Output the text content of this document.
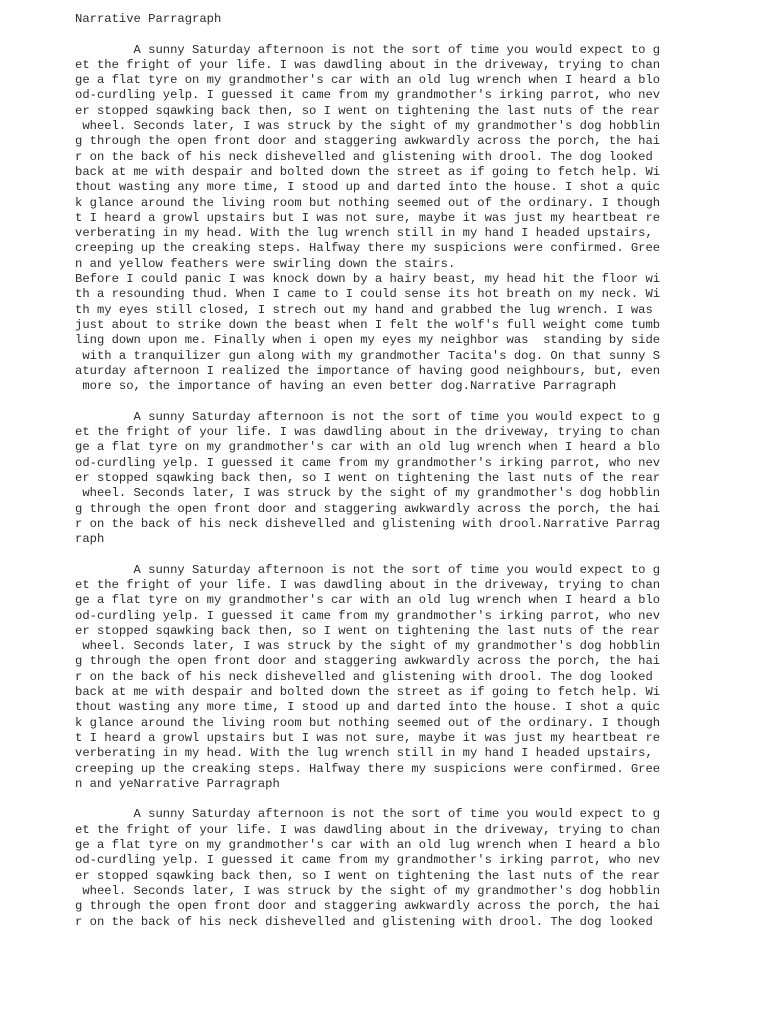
Narrative Parragraph
A sunny Saturday afternoon is not the sort of time you would expect to g
et the fright of your life. I was dawdling about in the driveway, trying to chan
ge a flat tyre on my grandmother's car with an old lug wrench when I heard a blo
od-curdling yelp. I guessed it came from my grandmother's irking parrot, who nev
er stopped sqawking back then, so I went on tightening the last nuts of the rear
wheel. Seconds later, I was struck by the sight of my grandmother's dog hobblin
g through the open front door and staggering awkwardly across the porch, the hai
r on the back of his neck dishevelled and glistening with drool. The dog looked
back at me with despair and bolted down the street as if going to fetch help. Wi
thout wasting any more time, I stood up and darted into the house. I shot a quic
k glance around the living room but nothing seemed out of the ordinary. I though
t I heard a growl upstairs but I was not sure, maybe it was just my heartbeat re
verberating in my head. With the lug wrench still in my hand I headed upstairs,
creeping up the creaking steps. Halfway there my suspicions were confirmed. Gree
n and yellow feathers were swirling down the stairs.
Before I could panic I was knock down by a hairy beast, my head hit the floor wi
th a resounding thud. When I came to I could sense its hot breath on my neck. Wi
th my eyes still closed, I strech out my hand and grabbed the lug wrench. I was
just about to strike down the beast when I felt the wolf's full weight come tumb
ling down upon me. Finally when i open my eyes my neighbor was  standing by side
with a tranquilizer gun along with my grandmother Tacita's dog. On that sunny S
aturday afternoon I realized the importance of having good neighbours, but, even
more so, the importance of having an even better dog.Narrative Parragraph
A sunny Saturday afternoon is not the sort of time you would expect to g
et the fright of your life. I was dawdling about in the driveway, trying to chan
ge a flat tyre on my grandmother's car with an old lug wrench when I heard a blo
od-curdling yelp. I guessed it came from my grandmother's irking parrot, who nev
er stopped sqawking back then, so I went on tightening the last nuts of the rear
wheel. Seconds later, I was struck by the sight of my grandmother's dog hobblin
g through the open front door and staggering awkwardly across the porch, the hai
r on the back of his neck dishevelled and glistening with drool.Narrative Parrag
raph
A sunny Saturday afternoon is not the sort of time you would expect to g
et the fright of your life. I was dawdling about in the driveway, trying to chan
ge a flat tyre on my grandmother's car with an old lug wrench when I heard a blo
od-curdling yelp. I guessed it came from my grandmother's irking parrot, who nev
er stopped sqawking back then, so I went on tightening the last nuts of the rear
wheel. Seconds later, I was struck by the sight of my grandmother's dog hobblin
g through the open front door and staggering awkwardly across the porch, the hai
r on the back of his neck dishevelled and glistening with drool. The dog looked
back at me with despair and bolted down the street as if going to fetch help. Wi
thout wasting any more time, I stood up and darted into the house. I shot a quic
k glance around the living room but nothing seemed out of the ordinary. I though
t I heard a growl upstairs but I was not sure, maybe it was just my heartbeat re
verberating in my head. With the lug wrench still in my hand I headed upstairs,
creeping up the creaking steps. Halfway there my suspicions were confirmed. Gree
n and yeNarrative Parragraph
A sunny Saturday afternoon is not the sort of time you would expect to g
et the fright of your life. I was dawdling about in the driveway, trying to chan
ge a flat tyre on my grandmother's car with an old lug wrench when I heard a blo
od-curdling yelp. I guessed it came from my grandmother's irking parrot, who nev
er stopped sqawking back then, so I went on tightening the last nuts of the rear
wheel. Seconds later, I was struck by the sight of my grandmother's dog hobblin
g through the open front door and staggering awkwardly across the porch, the hai
r on the back of his neck dishevelled and glistening with drool. The dog looked
